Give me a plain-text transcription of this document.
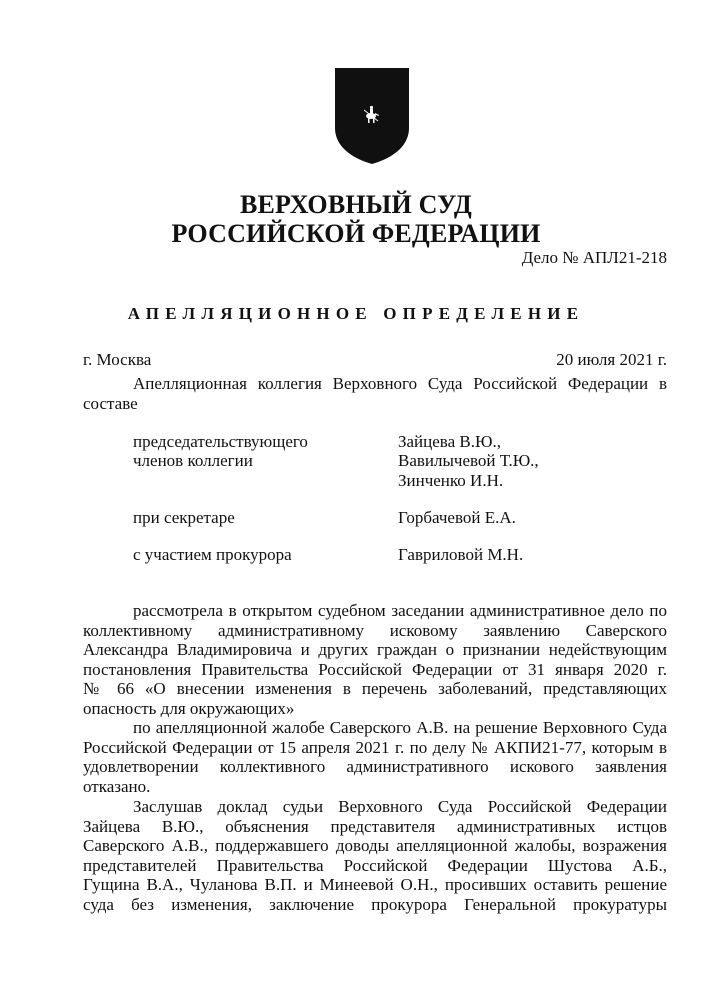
ВЕРХОВНЫЙ СУД
РОССИЙСКОЙ ФЕДЕРАЦИИ
Дело № АПЛ21-218
АПЕЛЛЯЦИОННОЕ ОПРЕДЕЛЕНИЕ
г. Москва	20 июля 2021 г.
Апелляционная коллегия Верховного Суда Российской Федерации в
составе
председательствующего	Зайцева В.Ю.,
членов коллегии	Вавилычевой Т.Ю.,
Зинченко И.Н.
при секретаре	Горбачевой Е.А.
с участием прокурора	Гавриловой М.Н.
рассмотрела в открытом судебном заседании административное дело по
коллективному административному исковому заявлению Саверского
Александра Владимировича и других граждан о признании недействующим
постановления Правительства Российской Федерации от 31 января 2020 г.
№ 66 «О внесении изменения в перечень заболеваний, представляющих
опасность для окружающих»
по апелляционной жалобе Саверского А.В. на решение Верховного Суда
Российской Федерации от 15 апреля 2021 г. по делу № АКПИ21-77, которым в
удовлетворении коллективного административного искового заявления
отказано.
Заслушав доклад судьи Верховного Суда Российской Федерации
Зайцева В.Ю., объяснения представителя административных истцов
Саверского А.В., поддержавшего доводы апелляционной жалобы, возражения
представителей Правительства Российской Федерации Шустова А.Б.,
Гущина В.А., Чуланова В.П. и Минеевой О.Н., просивших оставить решение
суда без изменения, заключение прокурора Генеральной прокуратуры
